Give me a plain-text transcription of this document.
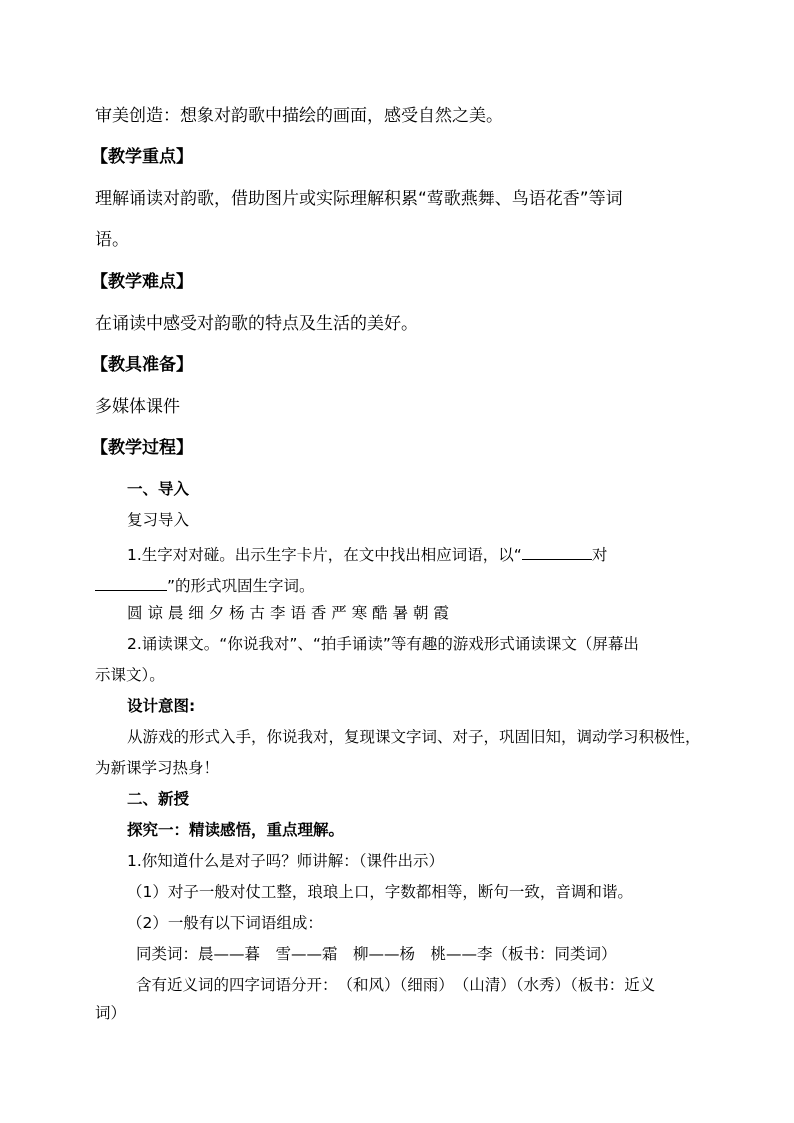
审美创造：想象对韵歌中描绘的画面，感受自然之美。
【教学重点】
理解诵读对韵歌，借助图片或实际理解积累“莺歌燕舞、鸟语花香”等词
语。
【教学难点】
在诵读中感受对韵歌的特点及生活的美好。
【教具准备】
多媒体课件
【教学过程】
一、导入
复习导入
1.生字对对碰。出示生字卡片，在文中找出相应词语，以“	对
”的形式巩固生字词。
圆 谅 晨 细 夕 杨 古 李 语 香 严 寒 酷 暑 朝 霞
2.诵读课文。“你说我对”、“拍手诵读”等有趣的游戏形式诵读课文（屏幕出
示课文）。
设计意图:
从游戏的形式入手，你说我对，复现课文字词、对子，巩固旧知，调动学习积极性，
为新课学习热身！
二、新授
探究一：精读感悟，重点理解。
1.你知道什么是对子吗？师讲解：（课件出示）
（1）对子一般对仗工整，琅琅上口，字数都相等，断句一致，音调和谐。
（2）一般有以下词语组成：
同类词：晨——暮　雪——霜　柳——杨　桃——李（板书：同类词）
含有近义词的四字词语分开：　（和风）（细雨）　（山清）（水秀）（板书：近义
词）
